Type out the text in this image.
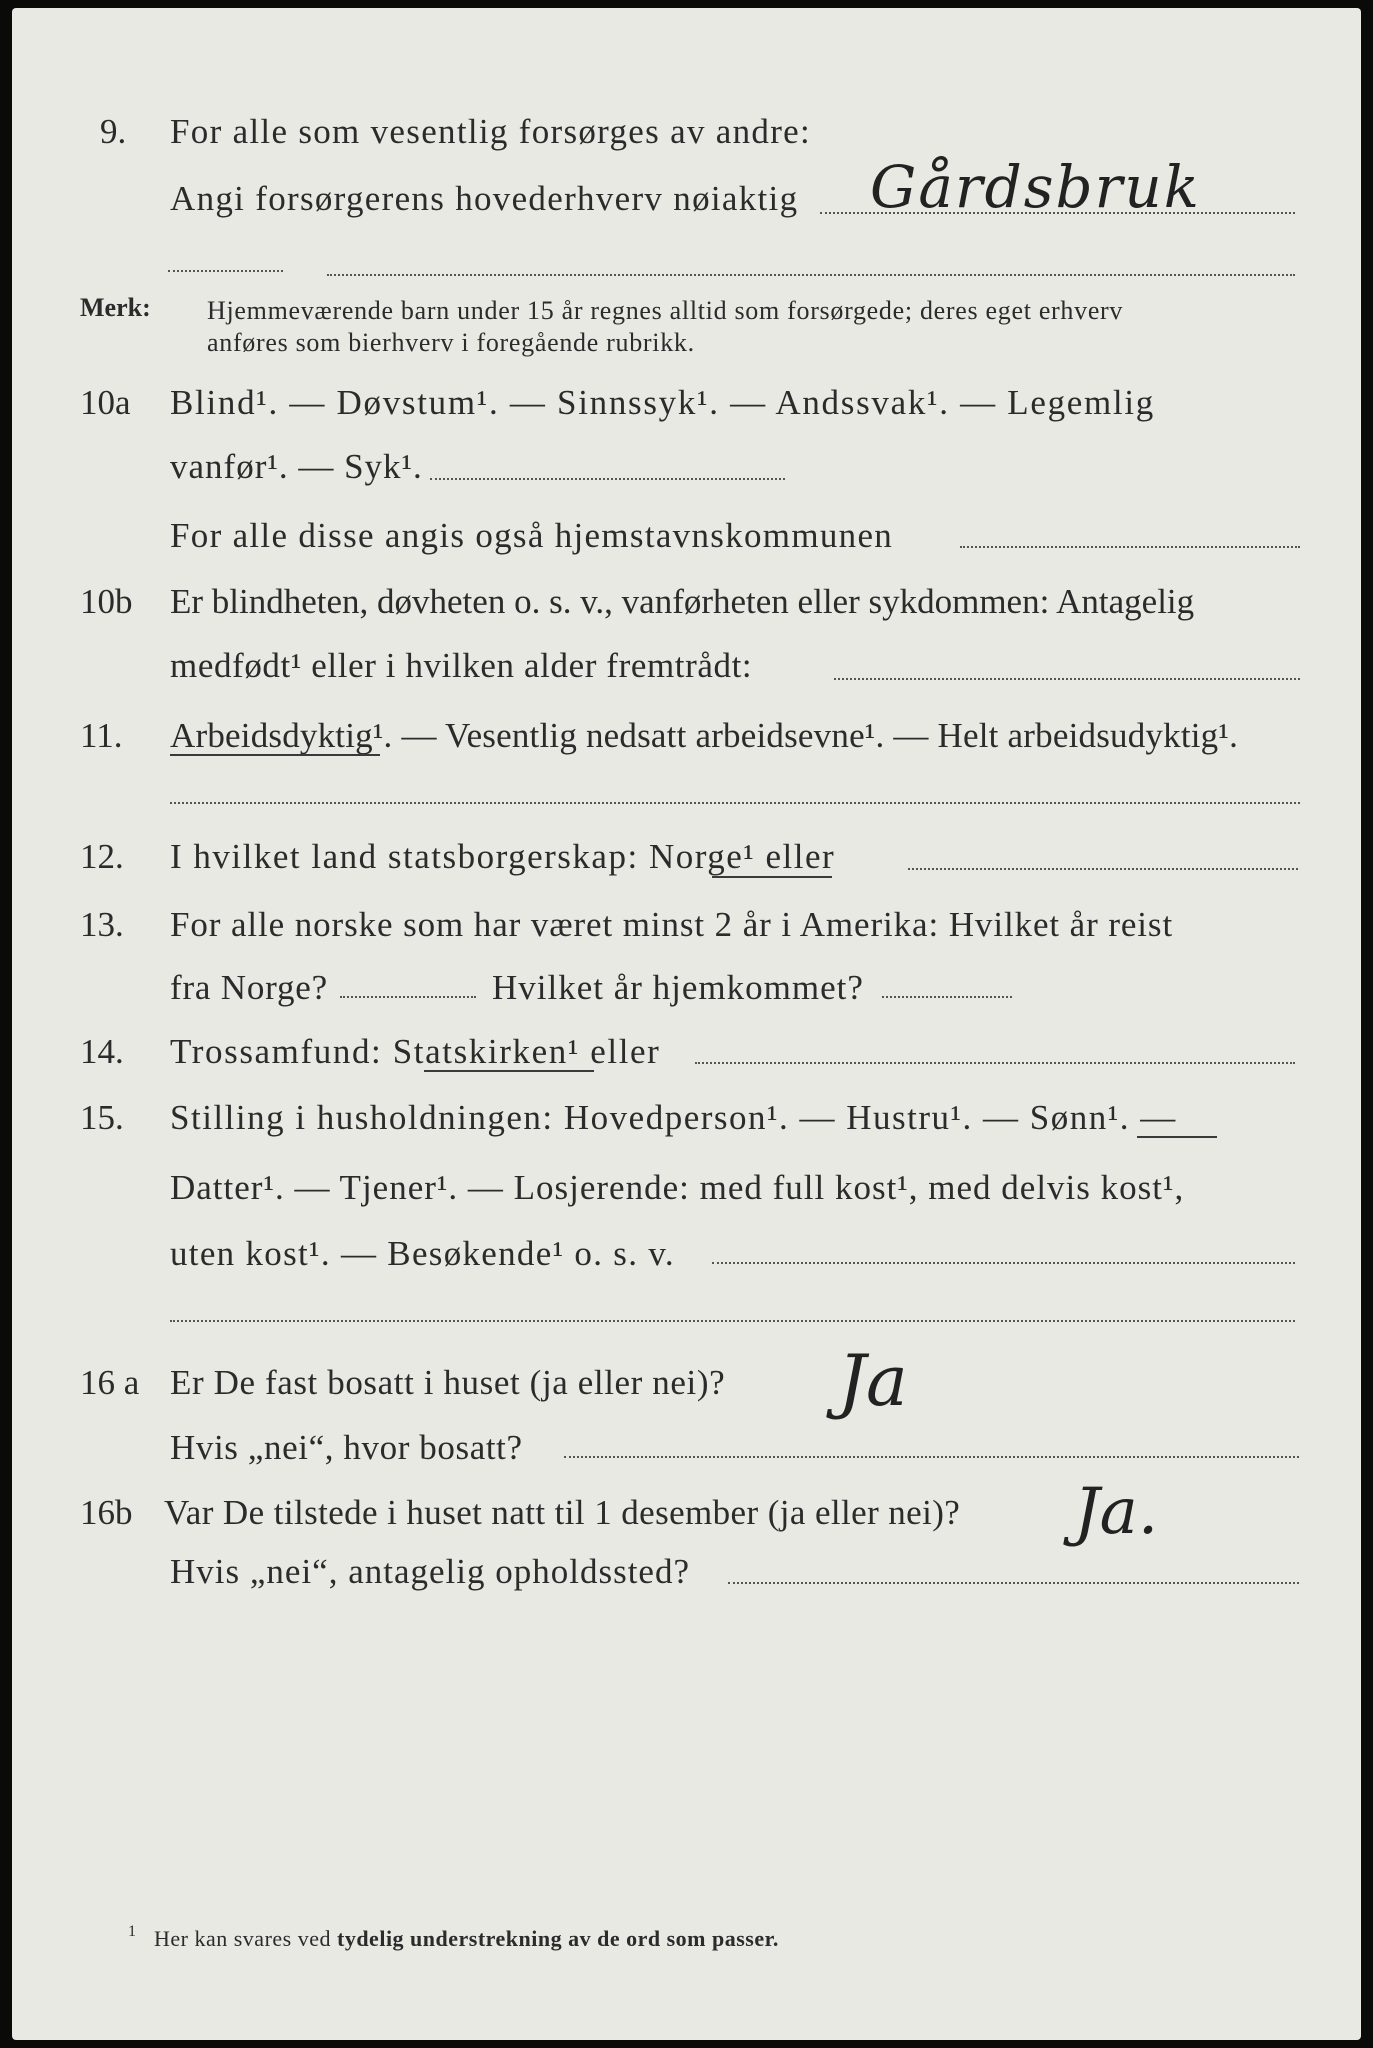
9. For alle som vesentlig forsørges av andre:
Angi forsørgerens hovederhverv nøiaktig Gårdsbruk
Merk: Hjemmeværende barn under 15 år regnes alltid som forsørgede; deres eget erhverv
anføres som bierhverv i foregående rubrikk.
10a Blind¹. — Døvstum¹. — Sinnssyk¹. — Andssvak¹. — Legemlig
vanfør¹. — Syk¹.
For alle disse angis også hjemstavnskommunen
10b Er blindheten, døvheten o. s. v., vanførheten eller sykdommen: Antagelig
medfødt¹ eller i hvilken alder fremtrådt:
11. Arbeidsdyktig¹. — Vesentlig nedsatt arbeidsevne¹. — Helt arbeidsudyktig¹.
12. I hvilket land statsborgerskap: Norge¹ eller
13. For alle norske som har været minst 2 år i Amerika: Hvilket år reist
fra Norge?	Hvilket år hjemkommet?
14. Trossamfund: Statskirken¹ eller
15. Stilling i husholdningen: Hovedperson¹. — Hustru¹. — Sønn¹. —
Datter¹. — Tjener¹. — Losjerende: med full kost¹, med delvis kost¹,
uten kost¹. — Besøkende¹ o. s. v.
16 a Er De fast bosatt i huset (ja eller nei)? Ja
Hvis „nei“, hvor bosatt?
16b Var De tilstede i huset natt til 1 desember (ja eller nei)? Ja.
Hvis „nei“, antagelig opholdssted?
1 Her kan svares ved tydelig understrekning av de ord som passer.
